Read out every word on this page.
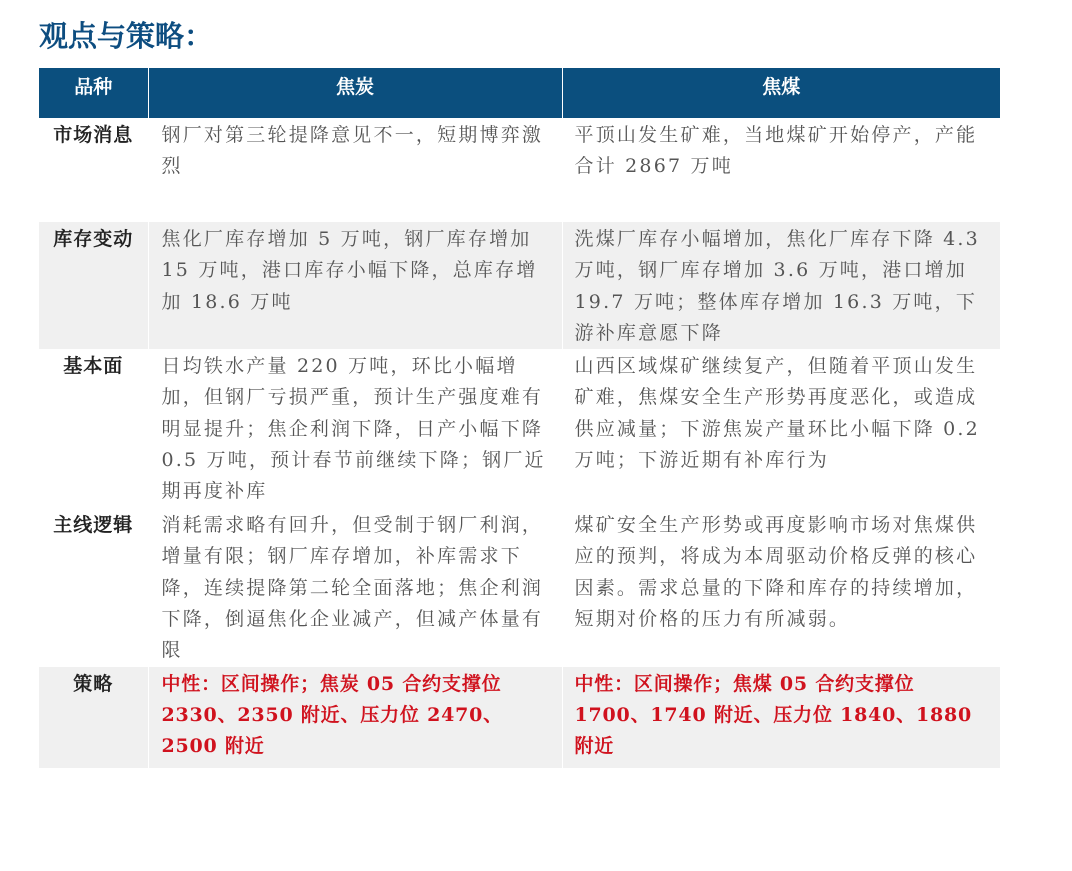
观点与策略：
品种	焦炭	焦煤
市场消息	钢厂对第三轮提降意见不一，短期博弈激烈	平顶山发生矿难，当地煤矿开始停产，产能合计 2867 万吨
库存变动	焦化厂库存增加 5 万吨，钢厂库存增加 15 万吨，港口库存小幅下降，总库存增加 18.6 万吨	洗煤厂库存小幅增加，焦化厂库存下降 4.3 万吨，钢厂库存增加 3.6 万吨，港口增加 19.7 万吨；整体库存增加 16.3 万吨，下游补库意愿下降
基本面	日均铁水产量 220 万吨，环比小幅增加，但钢厂亏损严重，预计生产强度难有明显提升；焦企利润下降，日产小幅下降 0.5 万吨，预计春节前继续下降；钢厂近期再度补库	山西区域煤矿继续复产，但随着平顶山发生矿难，焦煤安全生产形势再度恶化，或造成供应减量；下游焦炭产量环比小幅下降 0.2 万吨；下游近期有补库行为
主线逻辑	消耗需求略有回升，但受制于钢厂利润，增量有限；钢厂库存增加，补库需求下降，连续提降第二轮全面落地；焦企利润下降，倒逼焦化企业减产，但减产体量有限	煤矿安全生产形势或再度影响市场对焦煤供应的预判，将成为本周驱动价格反弹的核心因素。需求总量的下降和库存的持续增加，短期对价格的压力有所减弱。
策略	中性：区间操作；焦炭 05 合约支撑位 2330、2350 附近、压力位 2470、2500 附近	中性：区间操作；焦煤 05 合约支撑位 1700、1740 附近、压力位 1840、1880 附近
